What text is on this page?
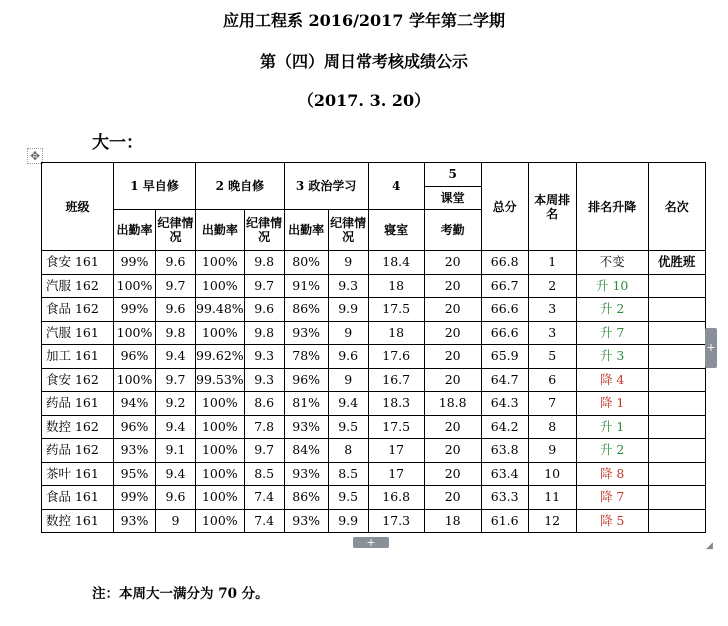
应用工程系 2016/2017 学年第二学期
第（四）周日常考核成绩公示
（2017. 3. 20）
大一：
✥
班级	1 早自修		2 晚自修		3 政治学习		4	5	总分	本周排名	排名升降	名次
								课堂				
	出勤率	纪律情况	出勤率	纪律情况	出勤率	纪律情况	寝室	考勤				
食安 161	99%	9.6	100%	9.8	80%	9	18.4	20	66.8	1	不变	优胜班
汽服 162	100%	9.7	100%	9.7	91%	9.3	18	20	66.7	2	升 10	
食品 162	99%	9.6	99.48%	9.6	86%	9.9	17.5	20	66.6	3	升 2	
汽服 161	100%	9.8	100%	9.8	93%	9	18	20	66.6	3	升 7	
加工 161	96%	9.4	99.62%	9.3	78%	9.6	17.6	20	65.9	5	升 3	
食安 162	100%	9.7	99.53%	9.3	96%	9	16.7	20	64.7	6	降 4	
药品 161	94%	9.2	100%	8.6	81%	9.4	18.3	18.8	64.3	7	降 1	
数控 162	96%	9.4	100%	7.8	93%	9.5	17.5	20	64.2	8	升 1	
药品 162	93%	9.1	100%	9.7	84%	8	17	20	63.8	9	升 2	
茶叶 161	95%	9.4	100%	8.5	93%	8.5	17	20	63.4	10	降 8	
食品 161	99%	9.6	100%	7.4	86%	9.5	16.8	20	63.3	11	降 7	
数控 161	93%	9	100%	7.4	93%	9.9	17.3	18	61.6	12	降 5	
+
+
◢
注：本周大一满分为 70 分。
